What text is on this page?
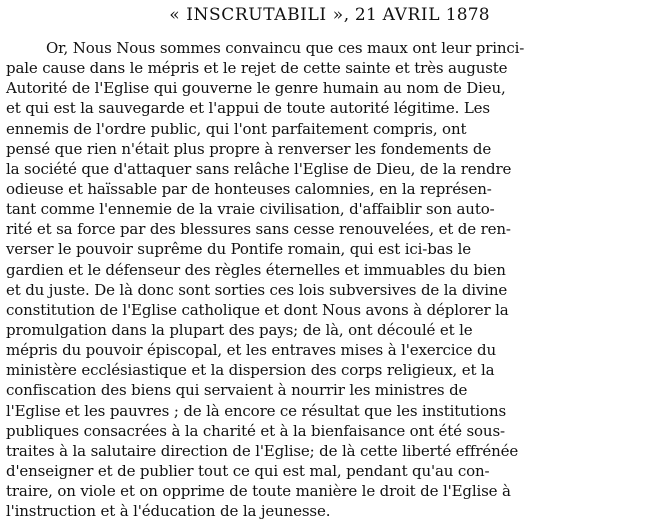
« INSCRUTABILI », 21 AVRIL 1878
Or, Nous Nous sommes convaincu que ces maux ont leur princi-
pale cause dans le mépris et le rejet de cette sainte et très auguste
Autorité de l'Eglise qui gouverne le genre humain au nom de Dieu,
et qui est la sauvegarde et l'appui de toute autorité légitime. Les
ennemis de l'ordre public, qui l'ont parfaitement compris, ont
pensé que rien n'était plus propre à renverser les fondements de
la société que d'attaquer sans relâche l'Eglise de Dieu, de la rendre
odieuse et haïssable par de honteuses calomnies, en la représen-
tant comme l'ennemie de la vraie civilisation, d'affaiblir son auto-
rité et sa force par des blessures sans cesse renouvelées, et de ren-
verser le pouvoir suprême du Pontife romain, qui est ici-bas le
gardien et le défenseur des règles éternelles et immuables du bien
et du juste. De là donc sont sorties ces lois subversives de la divine
constitution de l'Eglise catholique et dont Nous avons à déplorer la
promulgation dans la plupart des pays; de là, ont découlé et le
mépris du pouvoir épiscopal, et les entraves mises à l'exercice du
ministère ecclésiastique et la dispersion des corps religieux, et la
confiscation des biens qui servaient à nourrir les ministres de
l'Eglise et les pauvres ; de là encore ce résultat que les institutions
publiques consacrées à la charité et à la bienfaisance ont été sous-
traites à la salutaire direction de l'Eglise; de là cette liberté effrénée
d'enseigner et de publier tout ce qui est mal, pendant qu'au con-
traire, on viole et on opprime de toute manière le droit de l'Eglise à
l'instruction et à l'éducation de la jeunesse.
